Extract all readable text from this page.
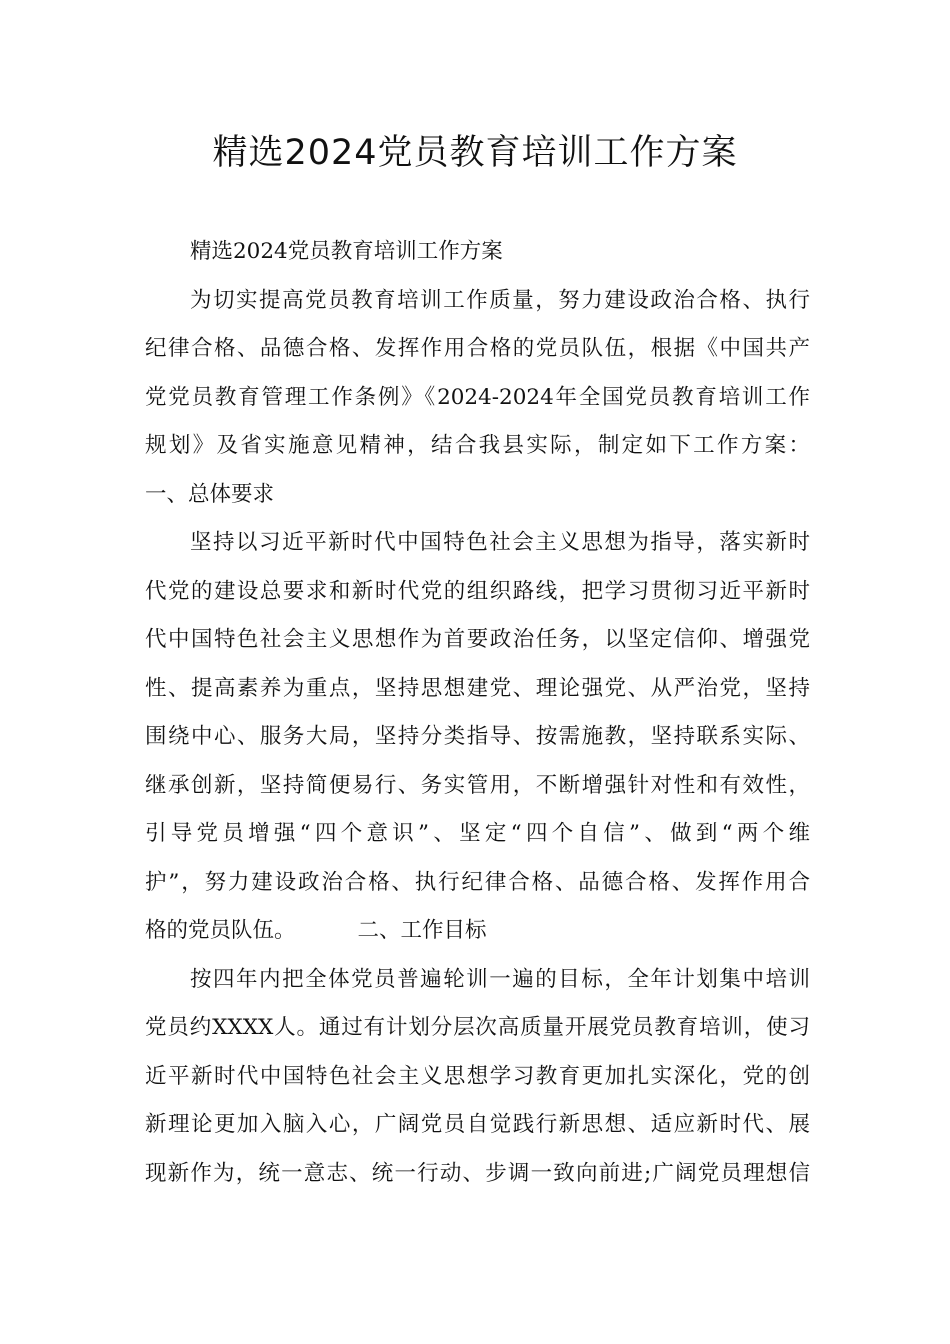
精选2024党员教育培训工作方案
精选2024党员教育培训工作方案
为切实提高党员教育培训工作质量，努力建设政治合格、执行
纪律合格、品德合格、发挥作用合格的党员队伍，根据《中国共产
党党员教育管理工作条例》《2024-2024年全国党员教育培训工作
规划》及省实施意见精神，结合我县实际，制定如下工作方案：
一、总体要求
坚持以习近平新时代中国特色社会主义思想为指导，落实新时
代党的建设总要求和新时代党的组织路线，把学习贯彻习近平新时
代中国特色社会主义思想作为首要政治任务，以坚定信仰、增强党
性、提高素养为重点，坚持思想建党、理论强党、从严治党，坚持
围绕中心、服务大局，坚持分类指导、按需施教，坚持联系实际、
继承创新，坚持简便易行、务实管用，不断增强针对性和有效性，
引导党员增强“四个意识”、坚定“四个自信”、做到“两个维
护”，努力建设政治合格、执行纪律合格、品德合格、发挥作用合
格的党员队伍。	二、工作目标
按四年内把全体党员普遍轮训一遍的目标，全年计划集中培训
党员约XXXX人。通过有计划分层次高质量开展党员教育培训，使习
近平新时代中国特色社会主义思想学习教育更加扎实深化，党的创
新理论更加入脑入心，广阔党员自觉践行新思想、适应新时代、展
现新作为，统一意志、统一行动、步调一致向前进;广阔党员理想信
